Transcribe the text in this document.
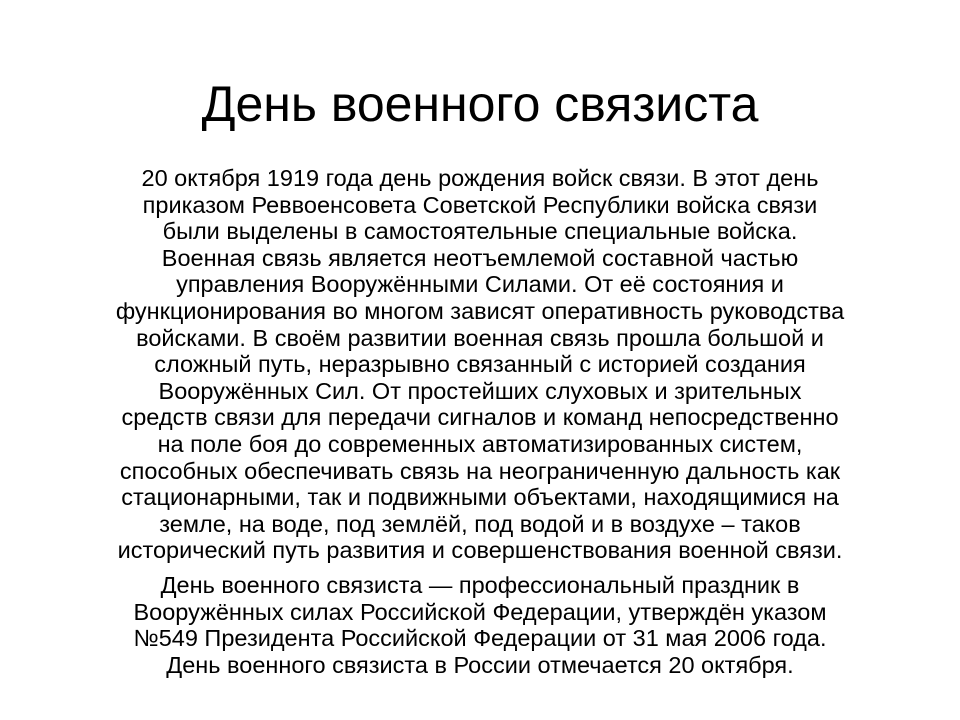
День военного связиста

20 октября 1919 года день рождения войск связи. В этот день
приказом Реввоенсовета Советской Республики войска связи
были выделены в самостоятельные специальные войска.
Военная связь является неотъемлемой составной частью
управления Вооружёнными Силами. От её состояния и
функционирования во многом зависят оперативность руководства
войсками. В своём развитии военная связь прошла большой и
сложный путь, неразрывно связанный с историей создания
Вооружённых Сил. От простейших слуховых и зрительных
средств связи для передачи сигналов и команд непосредственно
на поле боя до современных автоматизированных систем,
способных обеспечивать связь на неограниченную дальность как
стационарными, так и подвижными объектами, находящимися на
земле, на воде, под землёй, под водой и в воздухе – таков
исторический путь развития и совершенствования военной связи.

День военного связиста — профессиональный праздник в
Вооружённых силах Российской Федерации, утверждён указом
№549 Президента Российской Федерации от 31 мая 2006 года.
День военного связиста в России отмечается 20 октября.
